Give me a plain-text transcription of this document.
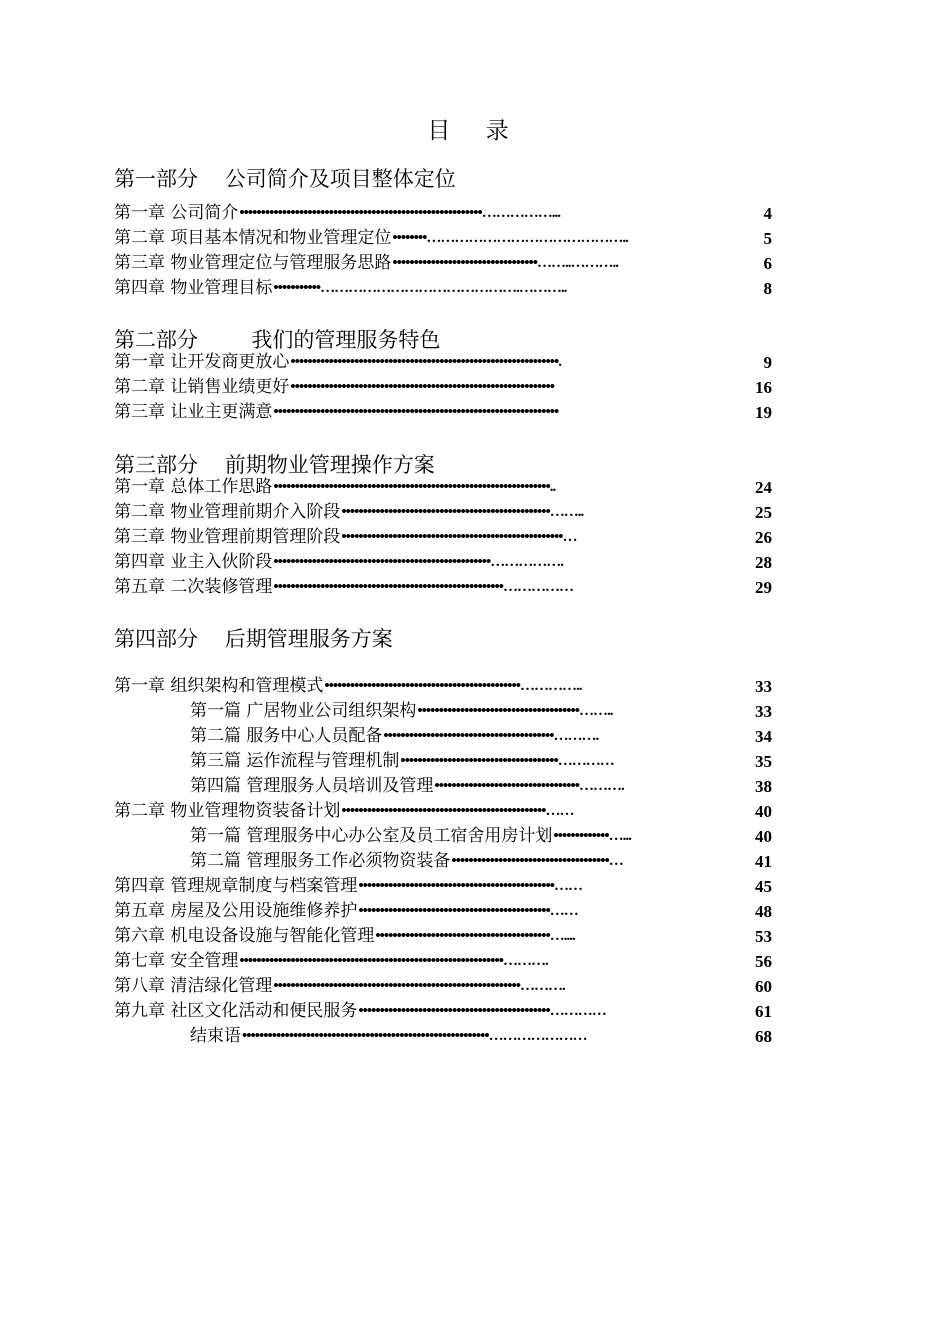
目 录
第一部分    公司简介及项目整体定位
第一章 公司简介	4
•••••••••••••••••••••••••••••••••••••••••••••••••••••••••……………...
第二章 项目基本情况和物业管理定位	5
••••••••……………………………………..
第三章 物业管理定位与管理服务思路	6
••••••••••••••••••••••••••••••••••……..………..
第四章 物业管理目标	8
•••••••••••…………………………………….………..
第二部分        我们的管理服务特色
第一章 让开发商更放心	9
•••••••••••••••••••••••••••••••••••••••••••••••••••••••••••••••.
第二章 让销售业绩更好	16
••••••••••••••••••••••••••••••••••••••••••••••••••••••••••••••
第三章 让业主更满意	19
•••••••••••••••••••••••••••••••••••••••••••••••••••••••••••••••••••
第三部分    前期物业管理操作方案
第一章 总体工作思路	24
•••••••••••••••••••••••••••••••••••••••••••••••••••••••••••••••••..
第二章 物业管理前期介入阶段	25
•••••••••••••••••••••••••••••••••••••••••••••••••……..
第三章 物业管理前期管理阶段	26
••••••••••••••••••••••••••••••••••••••••••••••••••••…
第四章 业主入伙阶段	28
•••••••••••••••••••••••••••••••••••••••••••••••••••…………….
第五章 二次装修管理	29
••••••••••••••••••••••••••••••••••••••••••••••••••••••……………
第四部分    后期管理服务方案
第一章 组织架构和管理模式	33
••••••••••••••••••••••••••••••••••••••••••••••…………..
第一篇 广居物业公司组织架构	33
••••••••••••••••••••••••••••••••••••••……..
第二篇 服务中心人员配备	34
••••••••••••••••••••••••••••••••••••••••……….
第三篇 运作流程与管理机制	35
•••••••••••••••••••••••••••••••••••••…………
第四篇 管理服务人员培训及管理	38
••••••••••••••••••••••••••••••••••……….
第二章 物业管理物资装备计划	40
••••••••••••••••••••••••••••••••••••••••••••••••……
第一篇 管理服务中心办公室及员工宿舍用房计划	40
•••••••••••••…...
第二篇 管理服务工作必须物资装备	41
•••••••••••••••••••••••••••••••••••••…
第四章 管理规章制度与档案管理	45
••••••••••••••••••••••••••••••••••••••••••••••……
第五章 房屋及公用设施维修养护	48
•••••••••••••••••••••••••••••••••••••••••••••……
第六章 机电设备设施与智能化管理	53
•••••••••••••••••••••••••••••••••••••••••…....
第七章 安全管理	56
••••••••••••••••••••••••••••••••••••••••••••••••••••••••••••••……….
第八章 清洁绿化管理	60
••••••••••••••••••••••••••••••••••••••••••••••••••••••••••……….
第九章 社区文化活动和便民服务	61
•••••••••••••••••••••••••••••••••••••••••••••…………
结束语	68
••••••••••••••••••••••••••••••••••••••••••••••••••••••••••…………………
